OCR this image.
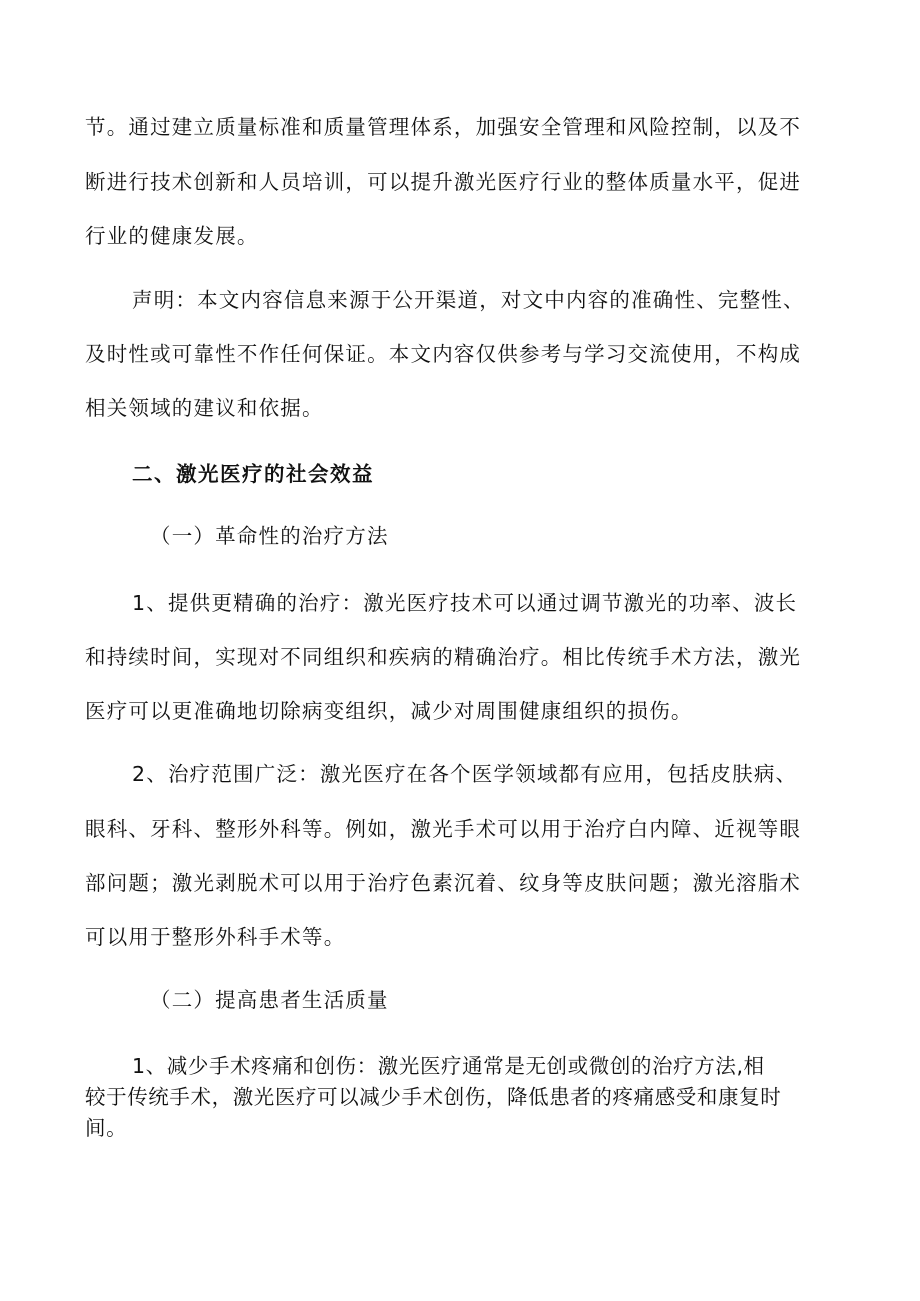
节。通过建立质量标准和质量管理体系，加强安全管理和风险控制，以及不
断进行技术创新和人员培训，可以提升激光医疗行业的整体质量水平，促进
行业的健康发展。
声明：本文内容信息来源于公开渠道，对文中内容的准确性、完整性、
及时性或可靠性不作任何保证。本文内容仅供参考与学习交流使用，不构成
相关领域的建议和依据。
二、激光医疗的社会效益
（一）革命性的治疗方法
1、提供更精确的治疗：激光医疗技术可以通过调节激光的功率、波长
和持续时间，实现对不同组织和疾病的精确治疗。相比传统手术方法，激光
医疗可以更准确地切除病变组织，减少对周围健康组织的损伤。
2、治疗范围广泛：激光医疗在各个医学领域都有应用，包括皮肤病、
眼科、牙科、整形外科等。例如，激光手术可以用于治疗白内障、近视等眼
部问题；激光剥脱术可以用于治疗色素沉着、纹身等皮肤问题；激光溶脂术
可以用于整形外科手术等。
（二）提高患者生活质量
1、减少手术疼痛和创伤：激光医疗通常是无创或微创的治疗方法,相
较于传统手术，激光医疗可以减少手术创伤，降低患者的疼痛感受和康复时
间。
